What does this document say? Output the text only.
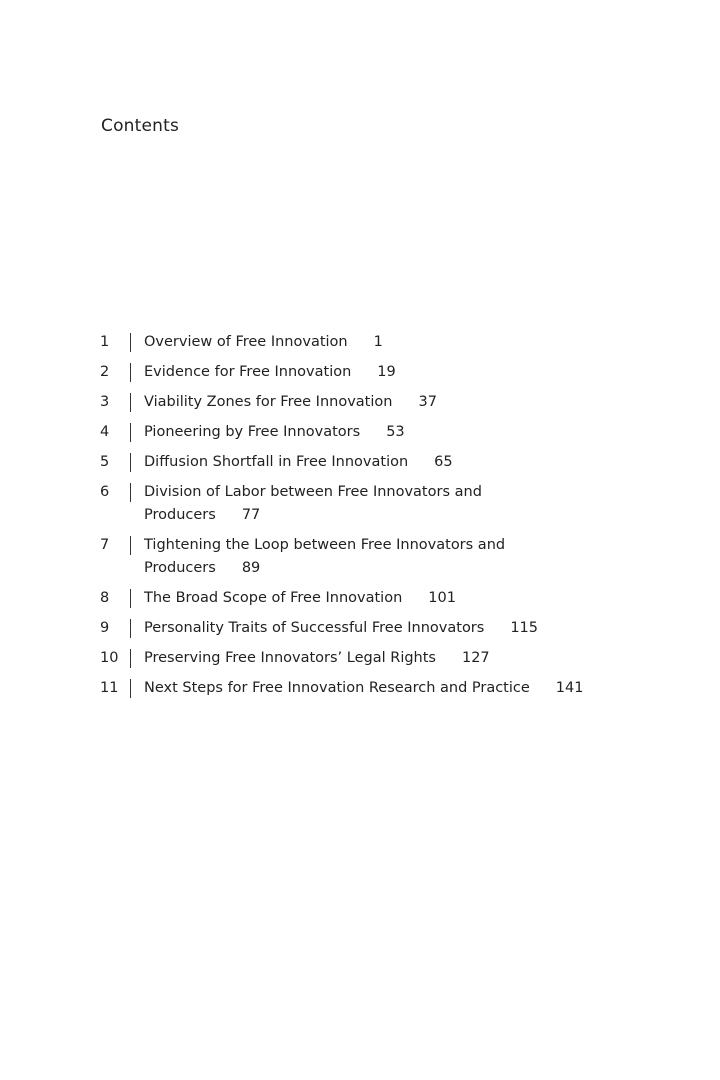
Contents
1	Overview of Free Innovation 1
2	Evidence for Free Innovation 19
3	Viability Zones for Free Innovation 37
4	Pioneering by Free Innovators 53
5	Diffusion Shortfall in Free Innovation 65
6	Division of Labor between Free Innovators and Producers 77
7	Tightening the Loop between Free Innovators and Producers 89
8	The Broad Scope of Free Innovation 101
9	Personality Traits of Successful Free Innovators 115
10	Preserving Free Innovators’ Legal Rights 127
11	Next Steps for Free Innovation Research and Practice 141
